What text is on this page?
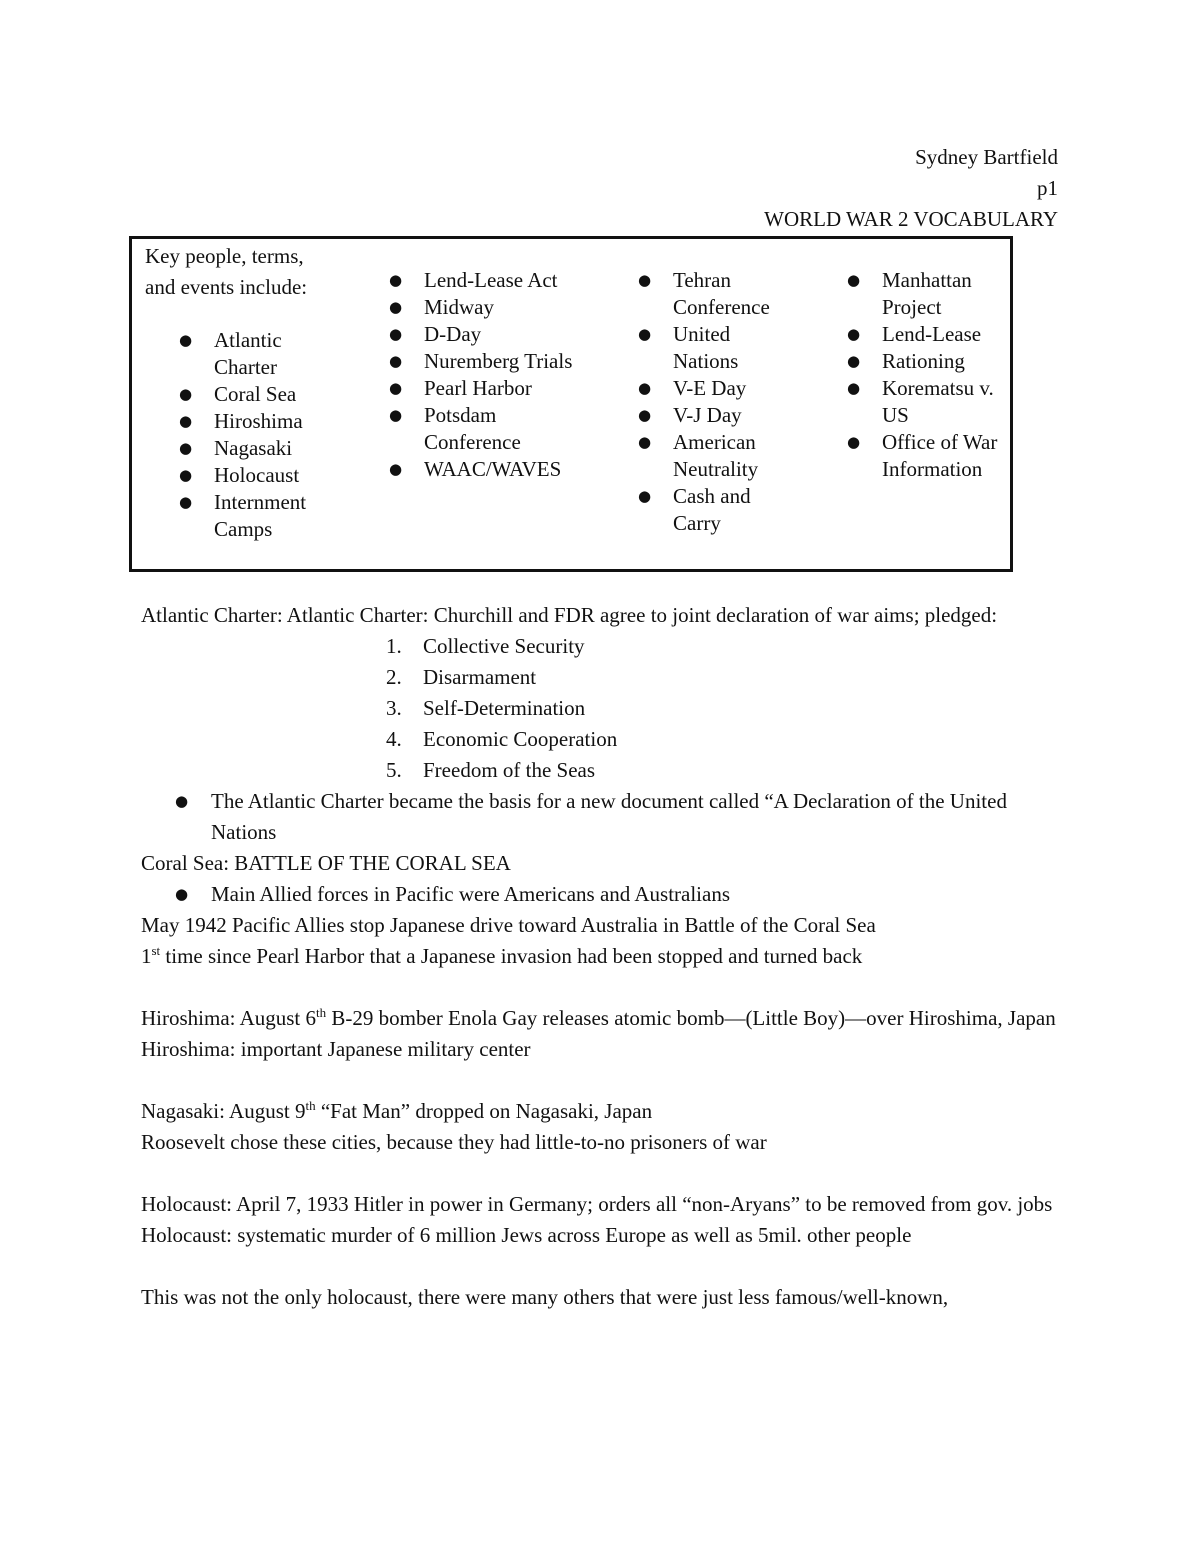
Sydney Bartfield
p1
WORLD WAR 2 VOCABULARY
Key people, terms, and events include:
● Atlantic Charter
● Coral Sea
● Hiroshima
● Nagasaki
● Holocaust
● Internment Camps

● Lend-Lease Act
● Midway
● D-Day
● Nuremberg Trials
● Pearl Harbor
● Potsdam Conference
● WAAC/WAVES

● Tehran Conference
● United Nations
● V-E Day
● V-J Day
● American Neutrality
● Cash and Carry

● Manhattan Project
● Lend-Lease
● Rationing
● Korematsu v. US
● Office of War Information

Atlantic Charter: Atlantic Charter: Churchill and FDR agree to joint declaration of war aims; pledged:

1. Collective Security
2. Disarmament
3. Self-Determination
4. Economic Cooperation
5. Freedom of the Seas
● The Atlantic Charter became the basis for a new document called “A Declaration of the United Nations

Coral Sea: BATTLE OF THE CORAL SEA

● Main Allied forces in Pacific were Americans and Australians

May 1942 Pacific Allies stop Japanese drive toward Australia in Battle of the Coral Sea

1st time since Pearl Harbor that a Japanese invasion had been stopped and turned back

Hiroshima: August 6th B-29 bomber Enola Gay releases atomic bomb—(Little Boy)—over Hiroshima, Japan

Hiroshima: important Japanese military center

Nagasaki: August 9th “Fat Man” dropped on Nagasaki, Japan

Roosevelt chose these cities, because they had little-to-no prisoners of war

Holocaust: April 7, 1933 Hitler in power in Germany; orders all “non-Aryans” to be removed from gov. jobs

Holocaust: systematic murder of 6 million Jews across Europe as well as 5mil. other people

This was not the only holocaust, there were many others that were just less famous/well-known,
